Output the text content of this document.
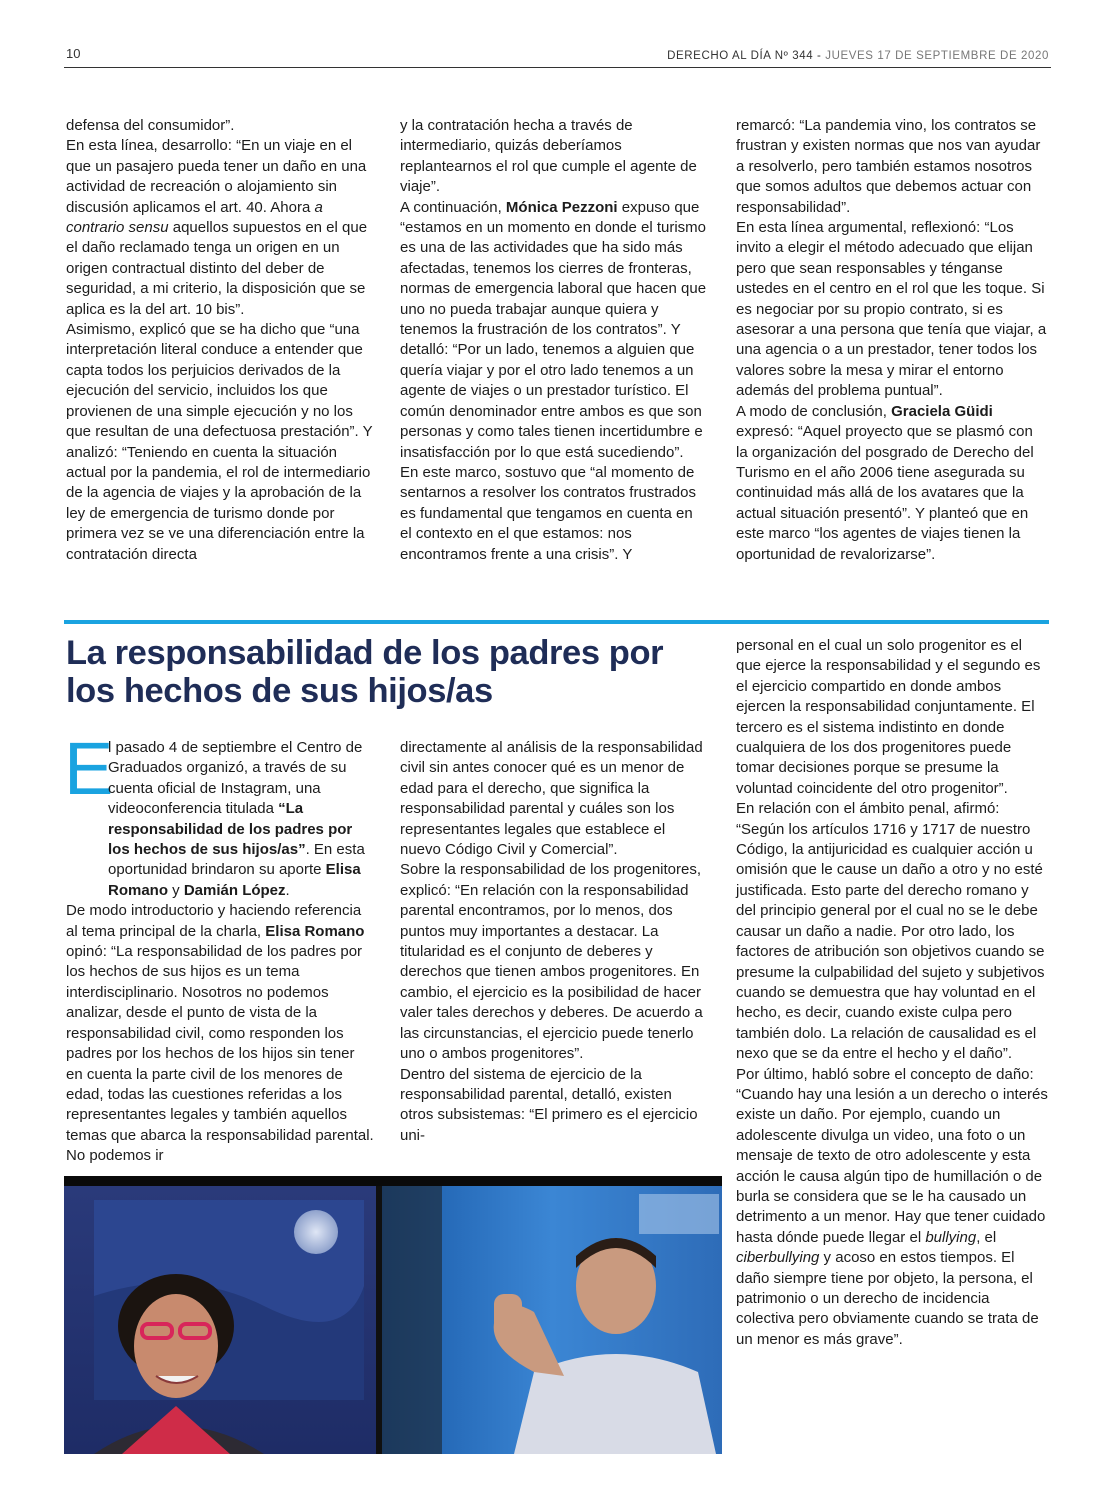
10	DERECHO AL DÍA Nº 344 - JUEVES 17 DE SEPTIEMBRE DE 2020

defensa del consumidor”.

En esta línea, desarrollo: “En un viaje en el que un pasajero pueda tener un daño en una actividad de recreación o alojamiento sin discusión aplicamos el art. 40. Ahora a contrario sensu aquellos supuestos en el que el daño reclamado tenga un origen en un origen contractual distinto del deber de seguridad, a mi criterio, la disposición que se aplica es la del art. 10 bis”.

Asimismo, explicó que se ha dicho que “una interpretación literal conduce a entender que capta todos los perjuicios derivados de la ejecución del servicio, incluidos los que provienen de una simple ejecución y no los que resultan de una defectuosa prestación”. Y analizó: “Teniendo en cuenta la situación actual por la pandemia, el rol de intermediario de la agencia de viajes y la aprobación de la ley de emergencia de turismo donde por primera vez se ve una diferenciación entre la contratación directa

y la contratación hecha a través de intermediario, quizás deberíamos replantearnos el rol que cumple el agente de viaje”.

A continuación, Mónica Pezzoni expuso que “estamos en un momento en donde el turismo es una de las actividades que ha sido más afectadas, tenemos los cierres de fronteras, normas de emergencia laboral que hacen que uno no pueda trabajar aunque quiera y tenemos la frustración de los contratos”. Y detalló: “Por un lado, tenemos a alguien que quería viajar y por el otro lado tenemos a un agente de viajes o un prestador turístico. El común denominador entre ambos es que son personas y como tales tienen incertidumbre e insatisfacción por lo que está sucediendo”.

En este marco, sostuvo que “al momento de sentarnos a resolver los contratos frustrados es fundamental que tengamos en cuenta en el contexto en el que estamos: nos encontramos frente a una crisis”. Y

remarcó: “La pandemia vino, los contratos se frustran y existen normas que nos van ayudar a resolverlo, pero también estamos nosotros que somos adultos que debemos actuar con responsabilidad”.

En esta línea argumental, reflexionó: “Los invito a elegir el método adecuado que elijan pero que sean responsables y ténganse ustedes en el centro en el rol que les toque. Si es negociar por su propio contrato, si es asesorar a una persona que tenía que viajar, a una agencia o a un prestador, tener todos los valores sobre la mesa y mirar el entorno además del problema puntual”.

A modo de conclusión, Graciela Güidi expresó: “Aquel proyecto que se plasmó con la organización del posgrado de Derecho del Turismo en el año 2006 tiene asegurada su continuidad más allá de los avatares que la actual situación presentó”. Y planteó que en este marco “los agentes de viajes tienen la oportunidad de revalorizarse”.

La responsabilidad de los padres por los hechos de sus hijos/as
E

l pasado 4 de septiembre el Centro de Graduados organizó, a través de su cuenta oficial de Instagram, una videoconferencia titulada “La responsabilidad de los padres por los hechos de sus hijos/as”. En esta oportunidad brindaron su aporte Elisa Romano y Damián López.

De modo introductorio y haciendo referencia al tema principal de la charla, Elisa Romano opinó: “La responsabilidad de los padres por los hechos de sus hijos es un tema interdisciplinario. Nosotros no podemos analizar, desde el punto de vista de la responsabilidad civil, como responden los padres por los hechos de los hijos sin tener en cuenta la parte civil de los menores de edad, todas las cuestiones referidas a los representantes legales y también aquellos temas que abarca la responsabilidad parental. No podemos ir

directamente al análisis de la responsabilidad civil sin antes conocer qué es un menor de edad para el derecho, que significa la responsabilidad parental y cuáles son los representantes legales que establece el nuevo Código Civil y Comercial”.

Sobre la responsabilidad de los progenitores, explicó: “En relación con la responsabilidad parental encontramos, por lo menos, dos puntos muy importantes a destacar. La titularidad es el conjunto de deberes y derechos que tienen ambos progenitores. En cambio, el ejercicio es la posibilidad de hacer valer tales derechos y deberes. De acuerdo a las circunstancias, el ejercicio puede tenerlo uno o ambos progenitores”.

Dentro del sistema de ejercicio de la responsabilidad parental, detalló, existen otros subsistemas: “El primero es el ejercicio uni-

personal en el cual un solo progenitor es el que ejerce la responsabilidad y el segundo es el ejercicio compartido en donde ambos ejercen la responsabilidad conjuntamente. El tercero es el sistema indistinto en donde cualquiera de los dos progenitores puede tomar decisiones porque se presume la voluntad coincidente del otro progenitor”.

En relación con el ámbito penal, afirmó: “Según los artículos 1716 y 1717 de nuestro Código, la antijuricidad es cualquier acción u omisión que le cause un daño a otro y no esté justificada. Esto parte del derecho romano y del principio general por el cual no se le debe causar un daño a nadie. Por otro lado, los factores de atribución son objetivos cuando se presume la culpabilidad del sujeto y subjetivos cuando se demuestra que hay voluntad en el hecho, es decir, cuando existe culpa pero también dolo. La relación de causalidad es el nexo que se da entre el hecho y el daño”.

Por último, habló sobre el concepto de daño: “Cuando hay una lesión a un derecho o interés existe un daño. Por ejemplo, cuando un adolescente divulga un video, una foto o un mensaje de texto de otro adolescente y esta acción le causa algún tipo de humillación o de burla se considera que se le ha causado un detrimento a un menor. Hay que tener cuidado hasta dónde puede llegar el bullying, el ciberbullying y acoso en estos tiempos. El daño siempre tiene por objeto, la persona, el patrimonio o un derecho de incidencia colectiva pero obviamente cuando se trata de un menor es más grave”.
